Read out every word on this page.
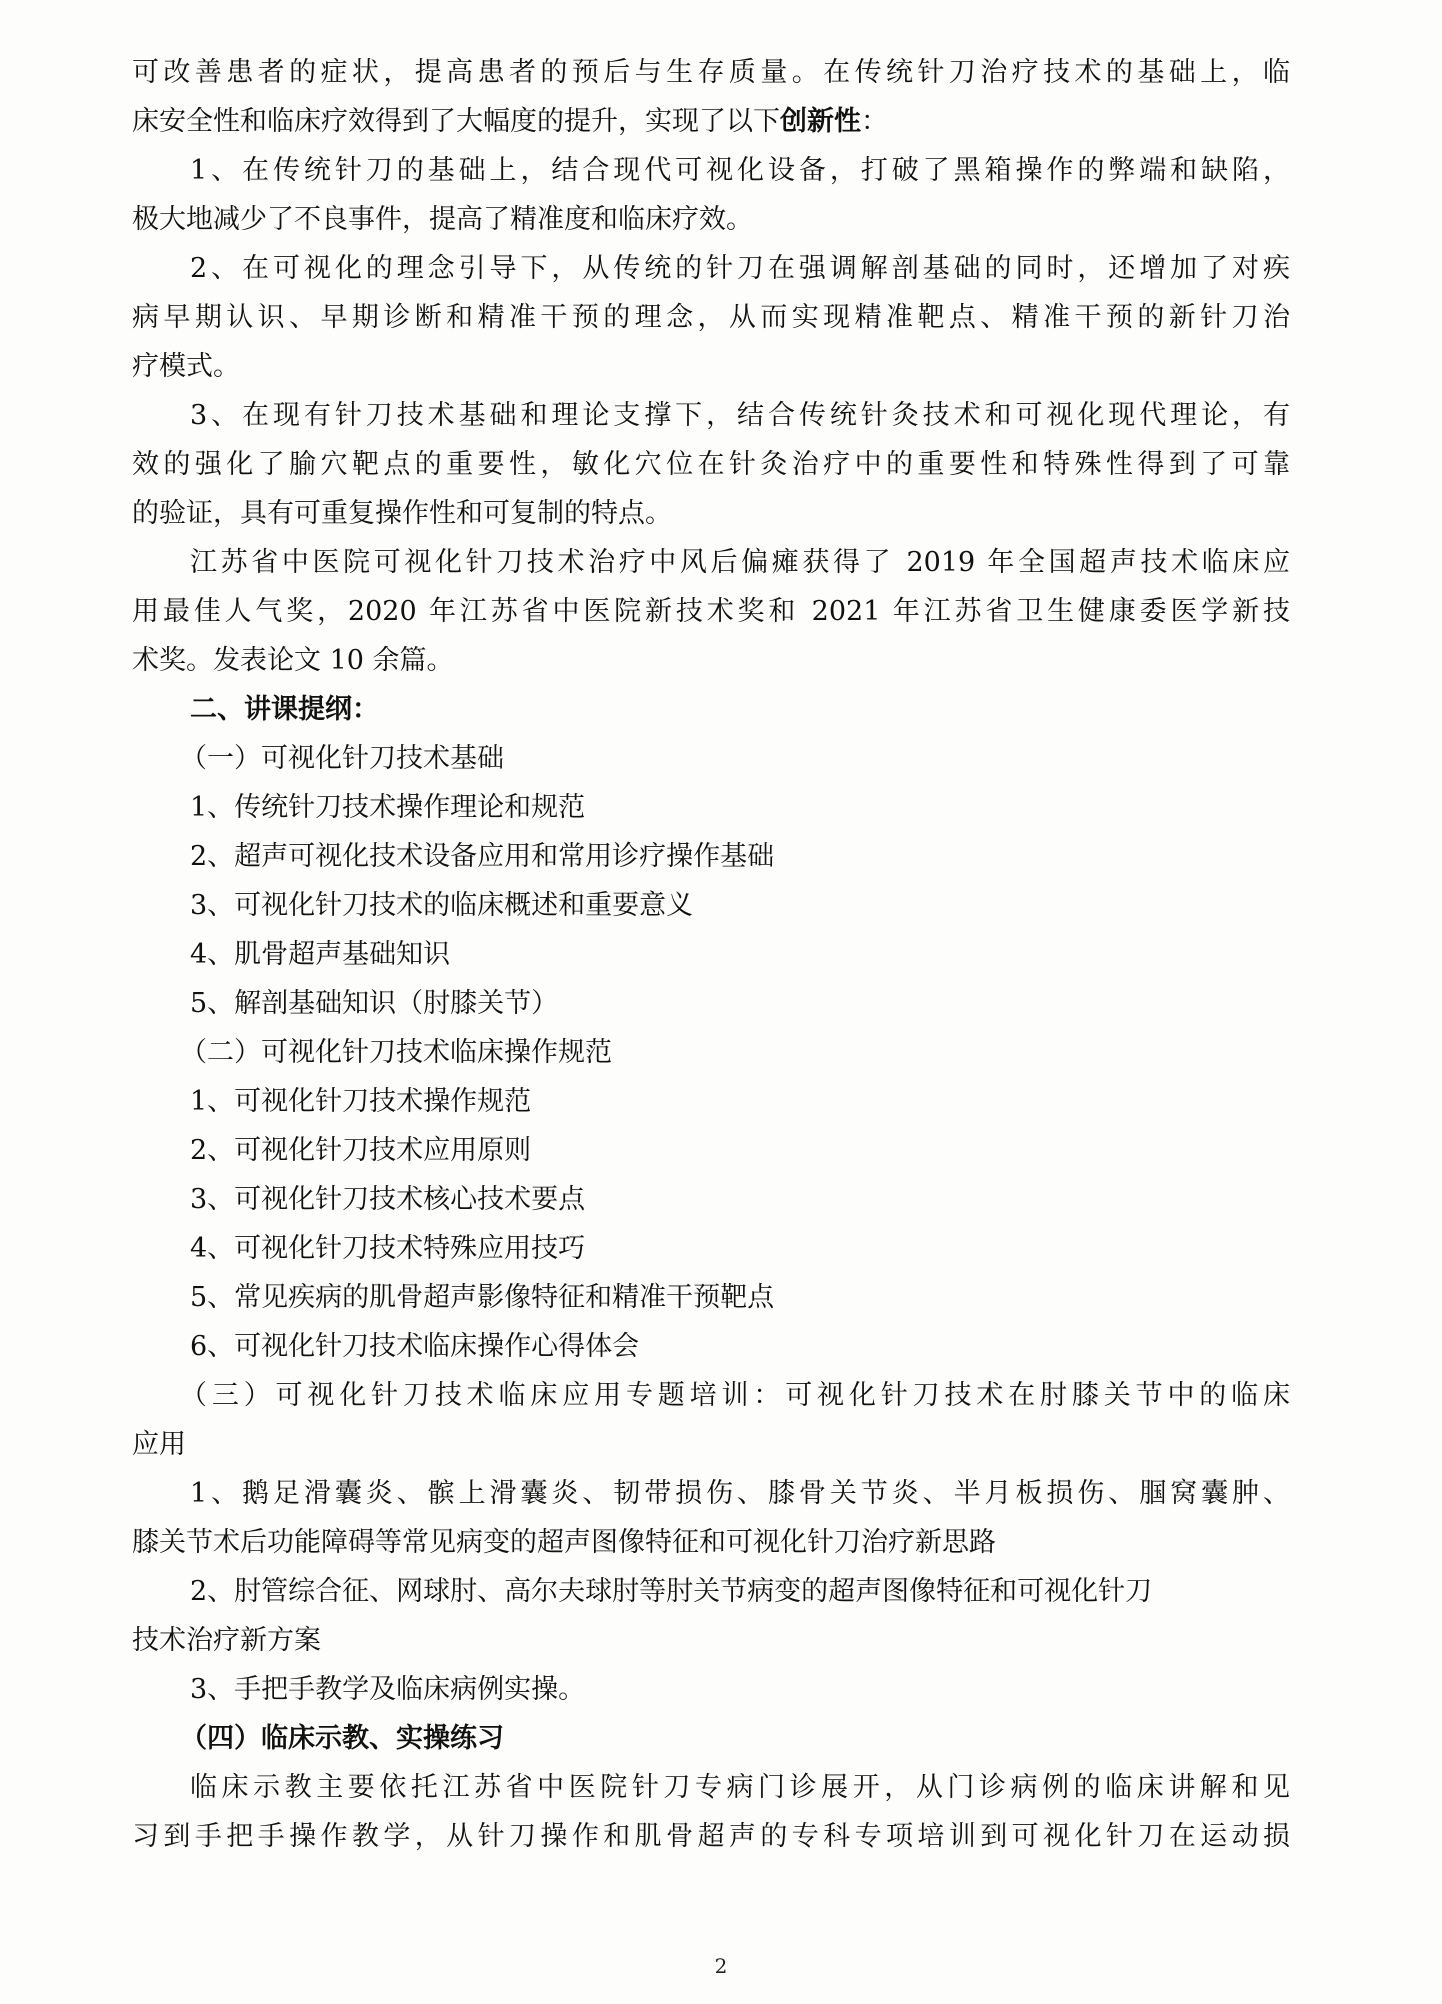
可改善患者的症状，提高患者的预后与生存质量。在传统针刀治疗技术的基础上，临
床安全性和临床疗效得到了大幅度的提升，实现了以下创新性：
1、在传统针刀的基础上，结合现代可视化设备，打破了黑箱操作的弊端和缺陷，
极大地减少了不良事件，提高了精准度和临床疗效。
2、在可视化的理念引导下，从传统的针刀在强调解剖基础的同时，还增加了对疾
病早期认识、早期诊断和精准干预的理念，从而实现精准靶点、精准干预的新针刀治
疗模式。
3、在现有针刀技术基础和理论支撑下，结合传统针灸技术和可视化现代理论，有
效的强化了腧穴靶点的重要性，敏化穴位在针灸治疗中的重要性和特殊性得到了可靠
的验证，具有可重复操作性和可复制的特点。
江苏省中医院可视化针刀技术治疗中风后偏瘫获得了 2019 年全国超声技术临床应
用最佳人气奖，2020 年江苏省中医院新技术奖和 2021 年江苏省卫生健康委医学新技
术奖。发表论文 10 余篇。
二、讲课提纲：
（一）可视化针刀技术基础
1、传统针刀技术操作理论和规范
2、超声可视化技术设备应用和常用诊疗操作基础
3、可视化针刀技术的临床概述和重要意义
4、肌骨超声基础知识
5、解剖基础知识（肘膝关节）
（二）可视化针刀技术临床操作规范
1、可视化针刀技术操作规范
2、可视化针刀技术应用原则
3、可视化针刀技术核心技术要点
4、可视化针刀技术特殊应用技巧
5、常见疾病的肌骨超声影像特征和精准干预靶点
6、可视化针刀技术临床操作心得体会
（三）可视化针刀技术临床应用专题培训：可视化针刀技术在肘膝关节中的临床
应用
1、鹅足滑囊炎、髌上滑囊炎、韧带损伤、膝骨关节炎、半月板损伤、腘窝囊肿、
膝关节术后功能障碍等常见病变的超声图像特征和可视化针刀治疗新思路
2、肘管综合征、网球肘、高尔夫球肘等肘关节病变的超声图像特征和可视化针刀
技术治疗新方案
3、手把手教学及临床病例实操。
（四）临床示教、实操练习
临床示教主要依托江苏省中医院针刀专病门诊展开，从门诊病例的临床讲解和见
习到手把手操作教学，从针刀操作和肌骨超声的专科专项培训到可视化针刀在运动损
2
